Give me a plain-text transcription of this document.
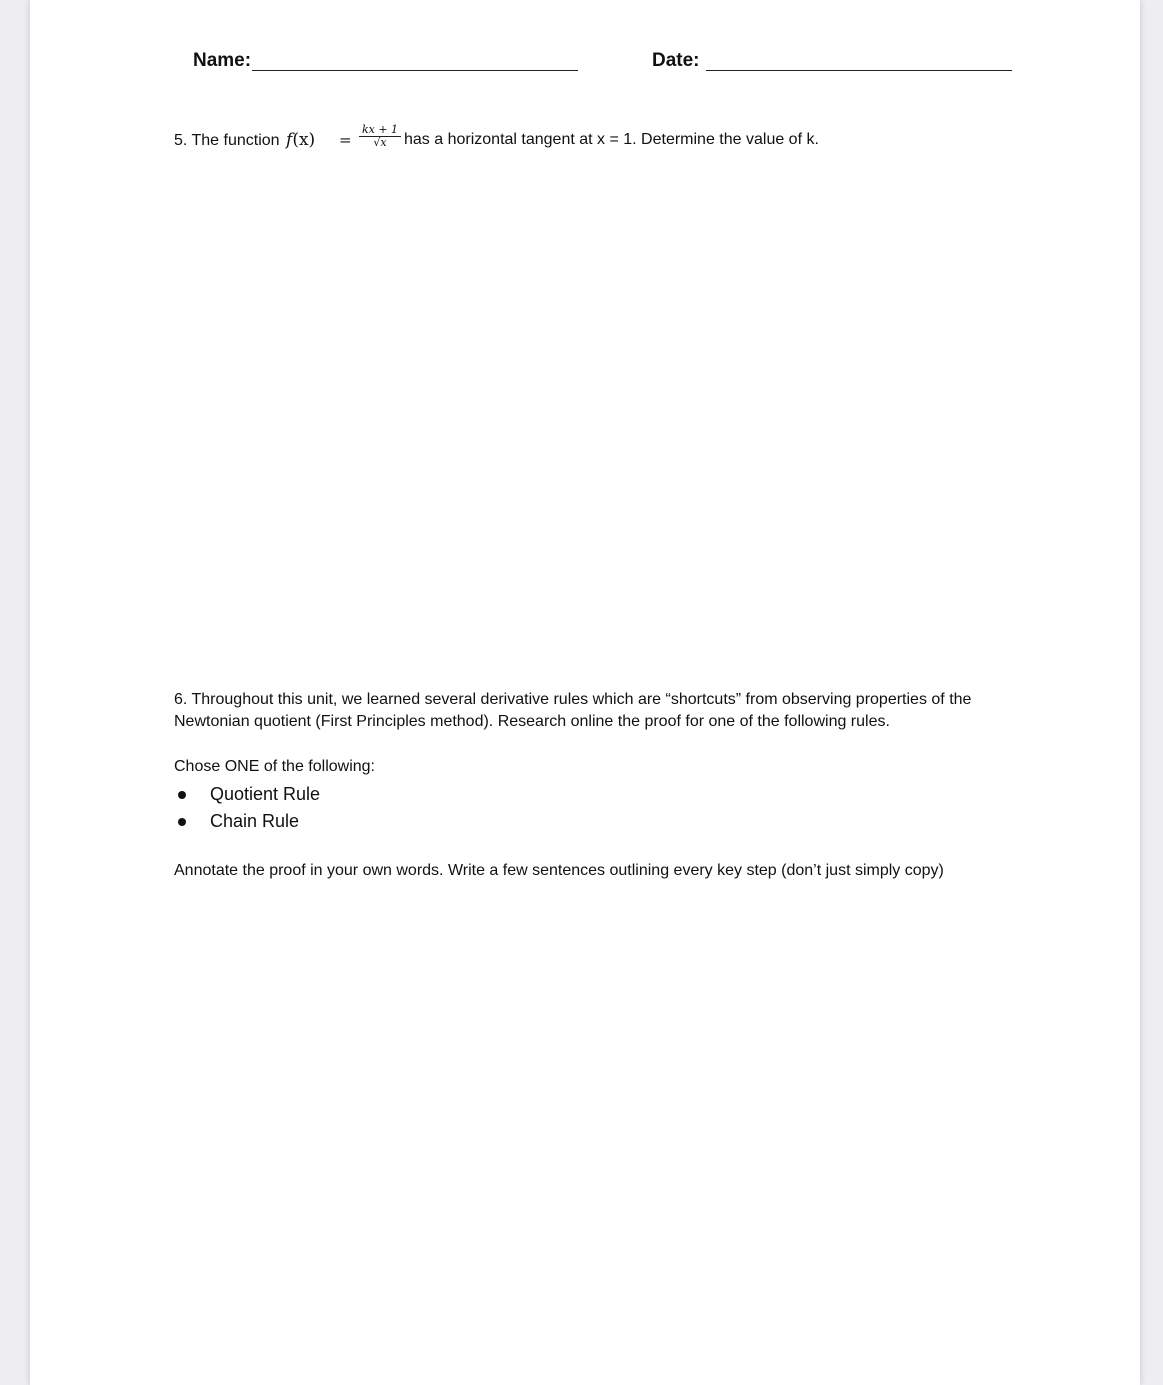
Name:	Date:
5. The function f(x) =
kx + 1
√x	has a horizontal tangent at x = 1. Determine the value of k.
6. Throughout this unit, we learned several derivative rules which are “shortcuts” from observing properties of the
Newtonian quotient (First Principles method). Research online the proof for one of the following rules.
Chose ONE of the following:
Quotient Rule
Chain Rule
Annotate the proof in your own words. Write a few sentences outlining every key step (don’t just simply copy)
